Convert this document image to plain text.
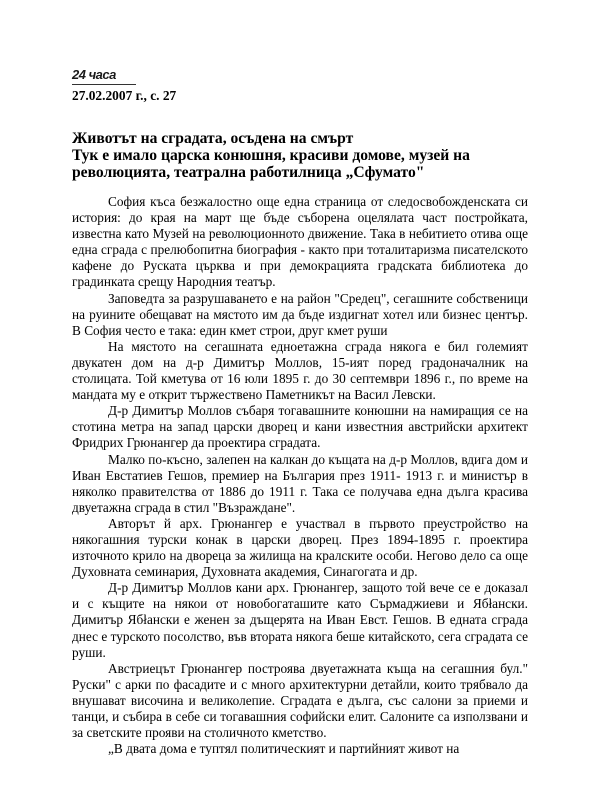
24 часа
27.02.2007 г., с. 27
Животът на сградата, осъдена на смърт
Тук е имало царска конюшня, красиви домове, музей на
революцията, театрална работилница „Сфумато"

София къса безжалостно още една страница от следосвобожденската си история: до края на март ще бъде съборена оцелялата част постройката, известна като Музей на революционното движение. Така в небитието отива още една сграда с прелюбопитна биография - както при тоталитаризма писателското кафене до Руската църква и при демокрацията градската библиотека до градинката срещу Народния театър.

Заповедта за разрушаването е на район "Средец", сегашните собственици на руините обещават на мястото им да бъде издигнат хотел или бизнес център. В София често е така: един кмет строи, друг кмет руши

На мястото на сегашната едноетажна сграда някога е бил големият двукатен дом на д-р Димитър Моллов, 15-ият поред градоначалник на столицата. Той кметува от 16 юли 1895 г. до 30 септември 1896 г., по време на мандата му е открит тържествено Паметникът на Васил Левски.

Д-р Димитър Моллов събаря тогавашните конюшни на намиращия се на стотина метра на запад царски дворец и кани известния австрийски архитект Фридрих Грюнангер да проектира сградата.

Малко по-късно, залепен на калкан до къщата на д-р Моллов, вдига дом и Иван Евстатиев Гешов, премиер на България през 1911- 1913 г. и министър в няколко правителства от 1886 до 1911 г. Така се получава една дълга красива двуетажна сграда в стил "Възраждане".

Авторът й арх. Грюнангер е участвал в първото преустройство на някогашния турски конак в царски дворец. През 1894-1895 г. проектира източното крило на двореца за жилища на кралските особи. Негово дело са още Духовната семинария, Духовната академия, Синагогата и др.

Д-р Димитър Моллов кани арх. Грюнангер, защото той вече се е доказал и с къщите на някои от новобогаташите като Сърмаджиеви и Ябłански. Димитър Ябłански е женен за дъщерята на Иван Евст. Гешов. В едната сграда днес е турското посолство, във втората някога беше китайското, сега сградата се руши.

Австриецът Грюнангер построява двуетажната къща на сегашния бул." Руски" с арки по фасадите и с много архитектурни детайли, които трябвало да внушават височина и великолепие. Сградата е дълга, със салони за приеми и танци, и събира в себе си тогавашния софийски елит. Салоните са използвани и за светските прояви на столичното кметство.

„В двата дома е туптял политическият и партийният живот на
